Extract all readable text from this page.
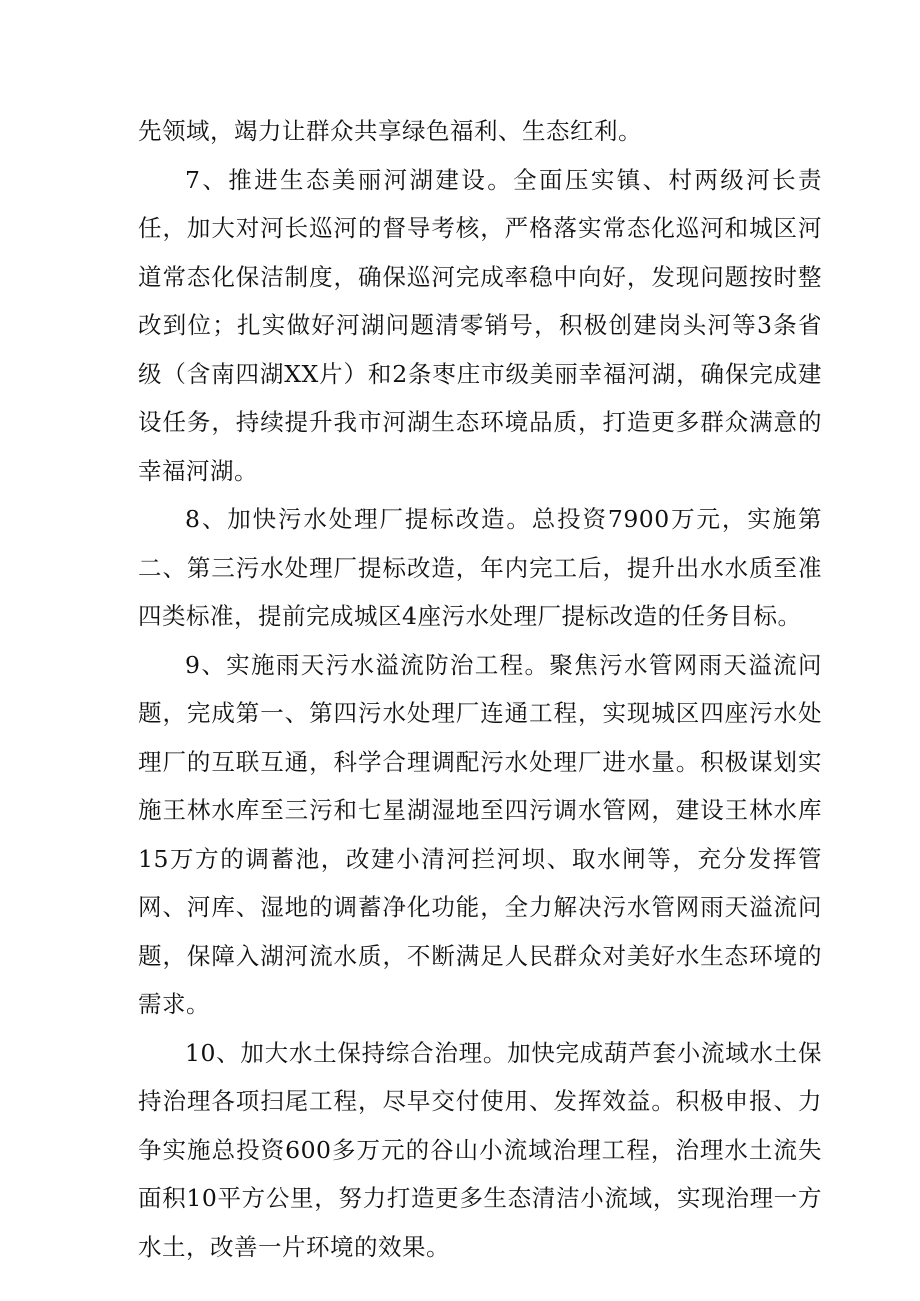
先领域，竭力让群众共享绿色福利、生态红利。

7、推进生态美丽河湖建设。全面压实镇、村两级河长责任，加大对河长巡河的督导考核，严格落实常态化巡河和城区河道常态化保洁制度，确保巡河完成率稳中向好，发现问题按时整改到位；扎实做好河湖问题清零销号，积极创建岗头河等3条省级（含南四湖XX片）和2条枣庄市级美丽幸福河湖，确保完成建设任务，持续提升我市河湖生态环境品质，打造更多群众满意的幸福河湖。

8、加快污水处理厂提标改造。总投资7900万元，实施第二、第三污水处理厂提标改造，年内完工后，提升出水水质至准四类标准，提前完成城区4座污水处理厂提标改造的任务目标。

9、实施雨天污水溢流防治工程。聚焦污水管网雨天溢流问题，完成第一、第四污水处理厂连通工程，实现城区四座污水处理厂的互联互通，科学合理调配污水处理厂进水量。积极谋划实施王林水库至三污和七星湖湿地至四污调水管网，建设王林水库15万方的调蓄池，改建小清河拦河坝、取水闸等，充分发挥管网、河库、湿地的调蓄净化功能，全力解决污水管网雨天溢流问题，保障入湖河流水质，不断满足人民群众对美好水生态环境的需求。

10、加大水土保持综合治理。加快完成葫芦套小流域水土保持治理各项扫尾工程，尽早交付使用、发挥效益。积极申报、力争实施总投资600多万元的谷山小流域治理工程，治理水土流失面积10平方公里，努力打造更多生态清洁小流域，实现治理一方水土，改善一片环境的效果。
